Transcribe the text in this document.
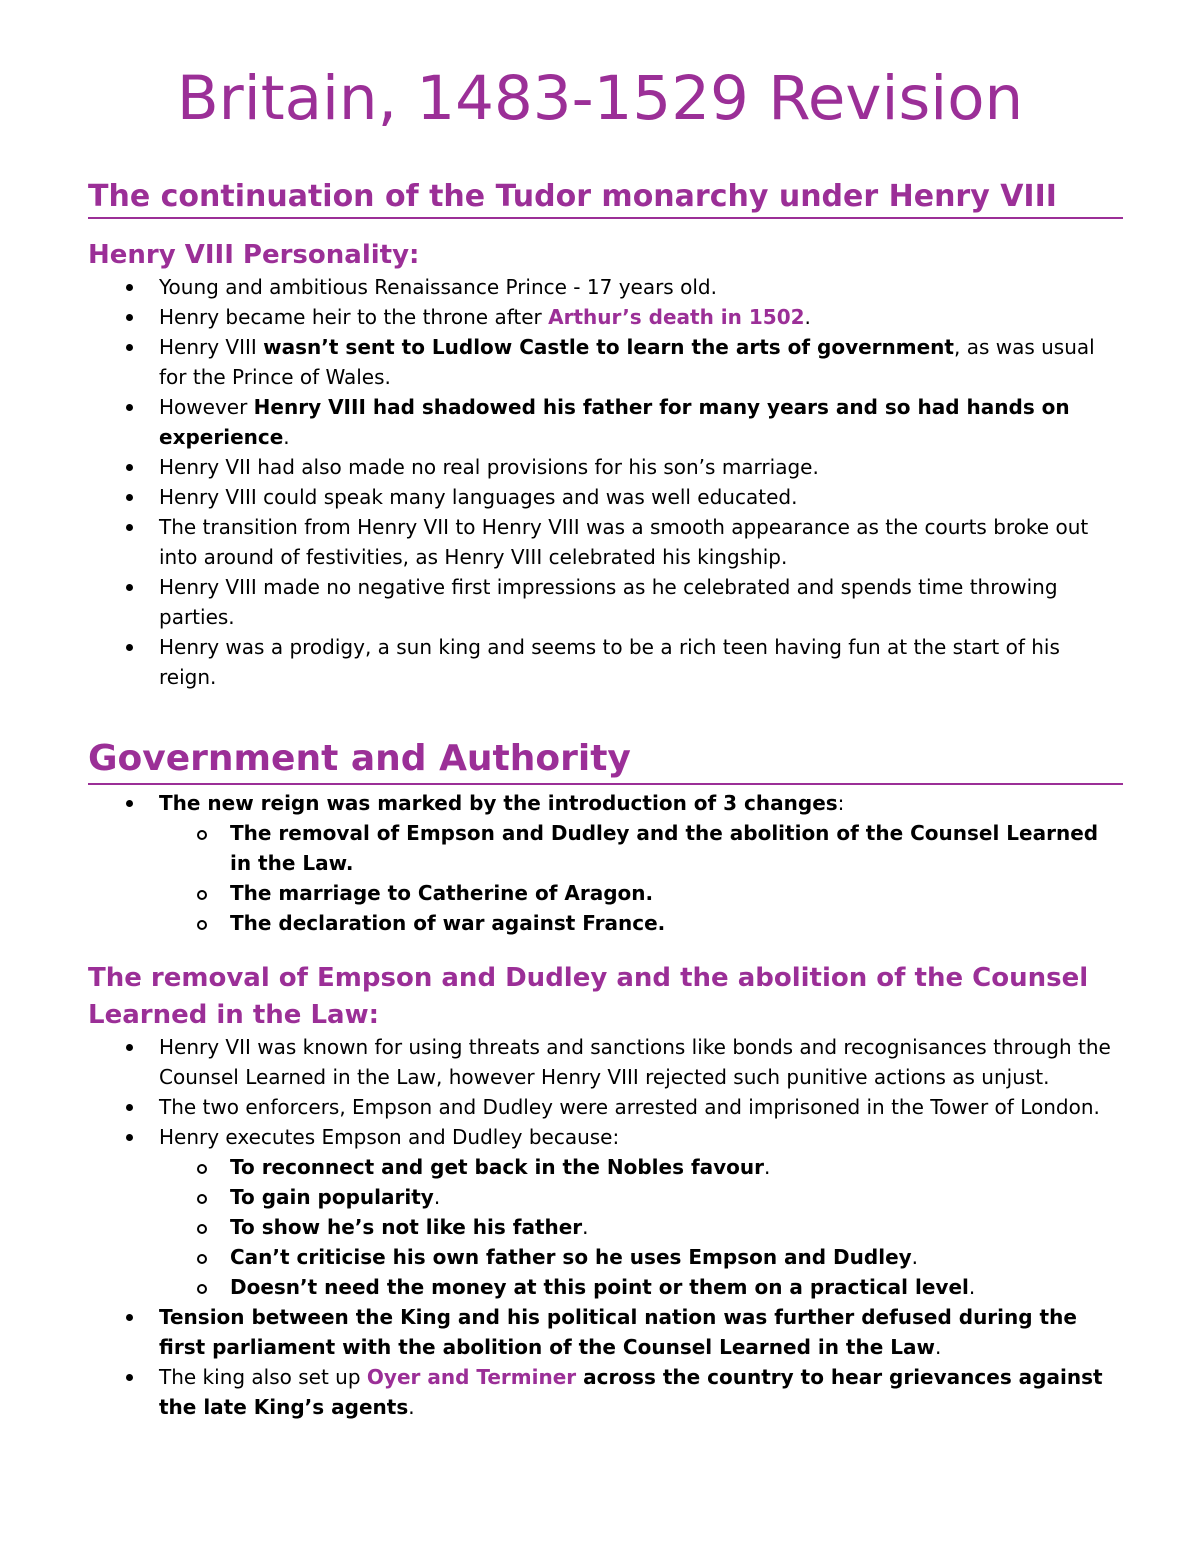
Britain, 1483-1529 Revision
The continuation of the Tudor monarchy under Henry VIII
Henry VIII Personality:
Young and ambitious Renaissance Prince - 17 years old.
Henry became heir to the throne after Arthur’s death in 1502.
Henry VIII wasn’t sent to Ludlow Castle to learn the arts of government, as was usual for the Prince of Wales.
However Henry VIII had shadowed his father for many years and so had hands on experience.
Henry VII had also made no real provisions for his son’s marriage.
Henry VIII could speak many languages and was well educated.
The transition from Henry VII to Henry VIII was a smooth appearance as the courts broke out into around of festivities, as Henry VIII celebrated his kingship.
Henry VIII made no negative first impressions as he celebrated and spends time throwing parties.
Henry was a prodigy, a sun king and seems to be a rich teen having fun at the start of his reign.
Government and Authority
The new reign was marked by the introduction of 3 changes:
The removal of Empson and Dudley and the abolition of the Counsel Learned in the Law.
The marriage to Catherine of Aragon.
The declaration of war against France.
The removal of Empson and Dudley and the abolition of the Counsel Learned in the Law:
Henry VII was known for using threats and sanctions like bonds and recognisances through the Counsel Learned in the Law, however Henry VIII rejected such punitive actions as unjust.
The two enforcers, Empson and Dudley were arrested and imprisoned in the Tower of London.
Henry executes Empson and Dudley because:
To reconnect and get back in the Nobles favour.
To gain popularity.
To show he’s not like his father.
Can’t criticise his own father so he uses Empson and Dudley.
Doesn’t need the money at this point or them on a practical level.
Tension between the King and his political nation was further defused during the first parliament with the abolition of the Counsel Learned in the Law.
The king also set up Oyer and Terminer across the country to hear grievances against the late King’s agents.
